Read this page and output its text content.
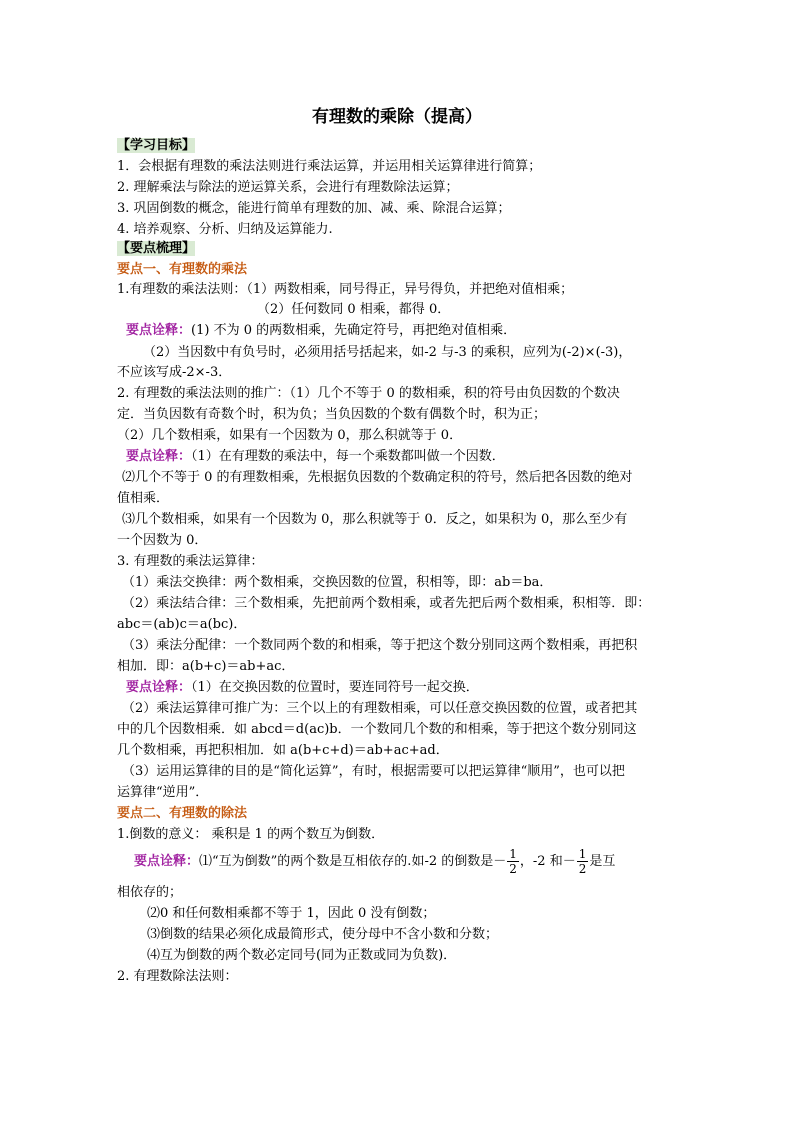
有理数的乘除（提高）
【学习目标】
1．会根据有理数的乘法法则进行乘法运算，并运用相关运算律进行简算；
2. 理解乘法与除法的逆运算关系，会进行有理数除法运算；
3. 巩固倒数的概念，能进行简单有理数的加、减、乘、除混合运算；
4. 培养观察、分析、归纳及运算能力.
【要点梳理】
要点一、有理数的乘法
1.有理数的乘法法则：（1）两数相乘，同号得正，异号得负，并把绝对值相乘；
（2）任何数同 0 相乘，都得 0．
要点诠释：(1) 不为 0 的两数相乘，先确定符号，再把绝对值相乘．
（2）当因数中有负号时，必须用括号括起来，如-2 与-3 的乘积，应列为(-2)×(-3)，
不应该写成-2×-3．
2. 有理数的乘法法则的推广：（1）几个不等于 0 的数相乘，积的符号由负因数的个数决
定．当负因数有奇数个时，积为负；当负因数的个数有偶数个时，积为正；
（2）几个数相乘，如果有一个因数为 0，那么积就等于 0．
要点诠释：（1）在有理数的乘法中，每一个乘数都叫做一个因数．
⑵几个不等于 0 的有理数相乘，先根据负因数的个数确定积的符号，然后把各因数的绝对
值相乘．
⑶几个数相乘，如果有一个因数为 0，那么积就等于 0．反之，如果积为 0，那么至少有
一个因数为 0．
3. 有理数的乘法运算律：
（1）乘法交换律：两个数相乘，交换因数的位置，积相等，即：ab＝ba．
（2）乘法结合律：三个数相乘，先把前两个数相乘，或者先把后两个数相乘，积相等．即：
abc＝(ab)c＝a(bc)．
（3）乘法分配律：一个数同两个数的和相乘，等于把这个数分别同这两个数相乘，再把积
相加．即：a(b+c)＝ab+ac．
要点诠释：（1）在交换因数的位置时，要连同符号一起交换．
（2）乘法运算律可推广为：三个以上的有理数相乘，可以任意交换因数的位置，或者把其
中的几个因数相乘．如 abcd＝d(ac)b．一个数同几个数的和相乘，等于把这个数分别同这
几个数相乘，再把积相加．如 a(b+c+d)＝ab+ac+ad．
（3）运用运算律的目的是“简化运算”，有时，根据需要可以把运算律“顺用”，也可以把
运算律“逆用”．
要点二、有理数的除法
1.倒数的意义： 乘积是 1 的两个数互为倒数．
要点诠释：⑴“互为倒数”的两个数是互相依存的.如-2 的倒数是－ $\frac{1}{2}$ ，-2 和－ $\frac{1}{2}$ 是互
相依存的；
⑵0 和任何数相乘都不等于 1，因此 0 没有倒数；
⑶倒数的结果必须化成最简形式，使分母中不含小数和分数；
⑷互为倒数的两个数必定同号(同为正数或同为负数)．
2. 有理数除法法则：
